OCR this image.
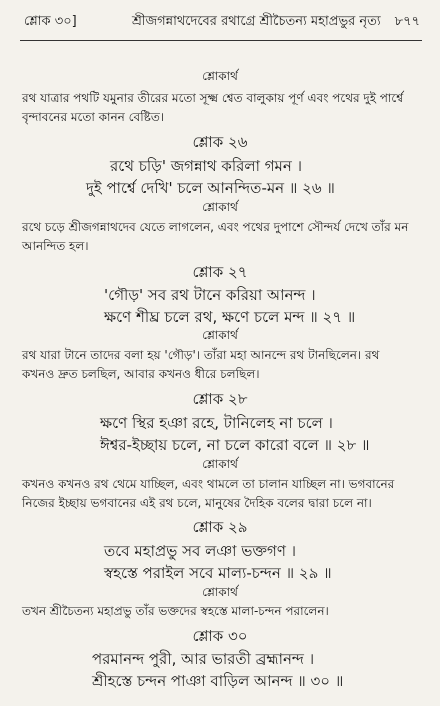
শ্লোক ৩০]	শ্রীজগন্নাথদেবের রথাগ্রে শ্রীচৈতন্য মহাপ্রভুর নৃত্য ৮৭৭
শ্লোকার্থ
রথ যাত্রার পথটি যমুনার তীরের মতো সূক্ষ্ম শ্বেত বালুকায় পূর্ণ এবং পথের দুই পার্শ্বে
বৃন্দাবনের মতো কানন বেষ্টিত।
শ্লোক ২৬
রথে চড়ি' জগন্নাথ করিলা গমন ।
দুই পার্শ্বে দেখি' চলে আনন্দিত-মন ॥ ২৬ ॥
শ্লোকার্থ
রথে চড়ে শ্রীজগন্নাথদেব যেতে লাগলেন, এবং পথের দুপাশে সৌন্দর্য দেখে তাঁর মন
আনন্দিত হল।
শ্লোক ২৭
'গৌড়' সব রথ টানে করিয়া আনন্দ ।
ক্ষণে শীঘ্র চলে রথ, ক্ষণে চলে মন্দ ॥ ২৭ ॥
শ্লোকার্থ
রথ যারা টানে তাদের বলা হয় 'গৌড়'। তাঁরা মহা আনন্দে রথ টানছিলেন। রথ
কখনও দ্রুত চলছিল, আবার কখনও ধীরে চলছিল।
শ্লোক ২৮
ক্ষণে স্থির হঞা রহে, টানিলেহ না চলে ।
ঈশ্বর-ইচ্ছায় চলে, না চলে কারো বলে ॥ ২৮ ॥
শ্লোকার্থ
কখনও কখনও রথ থেমে যাচ্ছিল, এবং থামলে তা চালান যাচ্ছিল না। ভগবানের
নিজের ইচ্ছায় ভগবানের এই রথ চলে, মানুষের দৈহিক বলের দ্বারা চলে না।
শ্লোক ২৯
তবে মহাপ্রভু সব লঞা ভক্তগণ ।
স্বহস্তে পরাইল সবে মাল্য-চন্দন ॥ ২৯ ॥
শ্লোকার্থ
তখন শ্রীচৈতন্য মহাপ্রভু তাঁর ভক্তদের স্বহস্তে মালা-চন্দন পরালেন।
শ্লোক ৩০
পরমানন্দ পুরী, আর ভারতী ব্রহ্মানন্দ ।
শ্রীহস্তে চন্দন পাঞা বাড়িল আনন্দ ॥ ৩০ ॥
